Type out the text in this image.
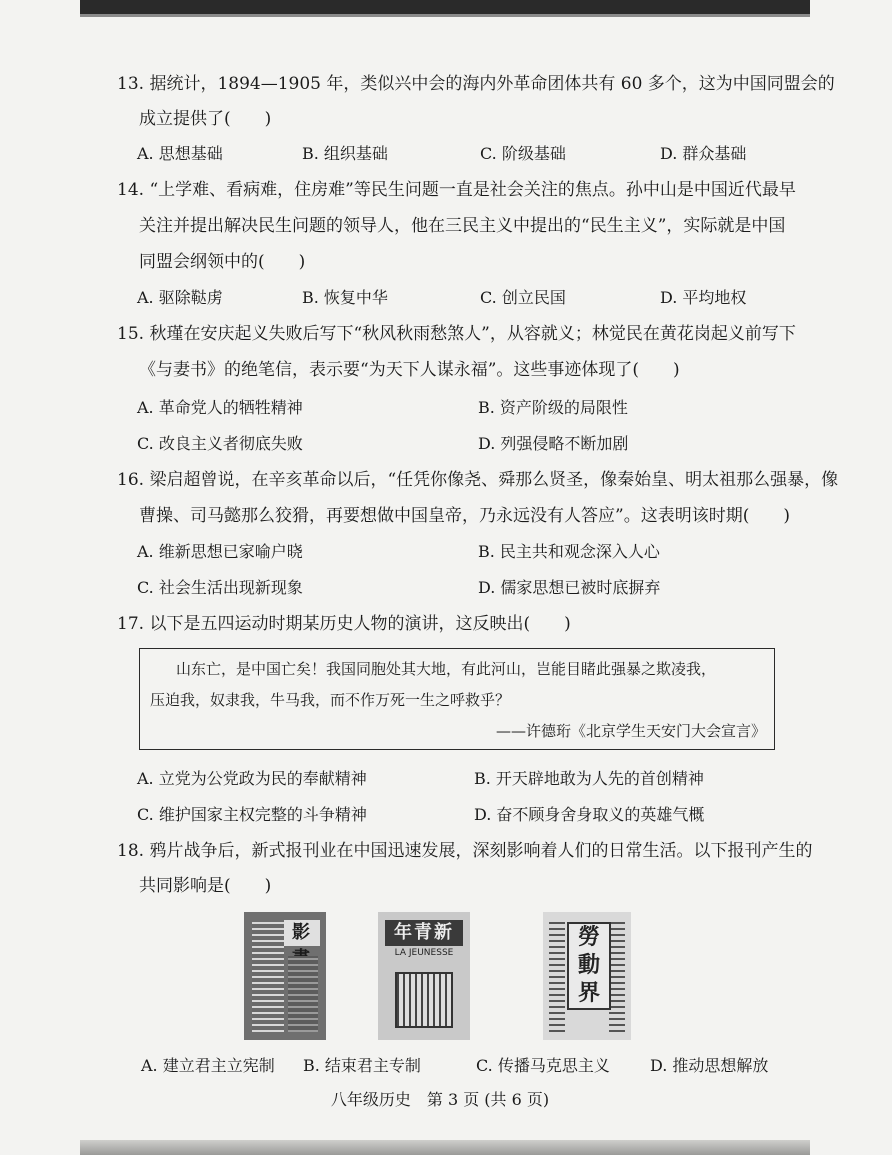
13. 据统计，1894—1905 年，类似兴中会的海内外革命团体共有 60 多个，这为中国同盟会的
成立提供了(　　)
A. 思想基础	B. 组织基础	C. 阶级基础	D. 群众基础
14. “上学难、看病难，住房难”等民生问题一直是社会关注的焦点。孙中山是中国近代最早
关注并提出解决民生问题的领导人，他在三民主义中提出的“民生主义”，实际就是中国
同盟会纲领中的(　　)
A. 驱除鞑虏	B. 恢复中华	C. 创立民国	D. 平均地权
15. 秋瑾在安庆起义失败后写下“秋风秋雨愁煞人”，从容就义；林觉民在黄花岗起义前写下
《与妻书》的绝笔信，表示要“为天下人谋永福”。这些事迹体现了(　　)
A. 革命党人的牺牲精神	B. 资产阶级的局限性
C. 改良主义者彻底失败	D. 列强侵略不断加剧
16. 梁启超曾说，在辛亥革命以后，“任凭你像尧、舜那么贤圣，像秦始皇、明太祖那么强暴，像
曹操、司马懿那么狡猾，再要想做中国皇帝，乃永远没有人答应”。这表明该时期(　　)
A. 维新思想已家喻户晓	B. 民主共和观念深入人心
C. 社会生活出现新现象	D. 儒家思想已被时底摒弃
17. 以下是五四运动时期某历史人物的演讲，这反映出(　　)
山东亡，是中国亡矣！我国同胞处其大地，有此河山，岂能目睹此强暴之欺凌我，
压迫我，奴隶我，牛马我，而不作万死一生之呼救乎？
——许德珩《北京学生天安门大会宣言》
A. 立党为公党政为民的奉献精神	B. 开天辟地敢为人先的首创精神
C. 维护国家主权完整的斗争精神	D. 奋不顾身舍身取义的英雄气概
18. 鸦片战争后，新式报刊业在中国迅速发展，深刻影响着人们的日常生活。以下报刊产生的
共同影响是(　　)
影	年青新
LA JEUNESSE
勞動界
A. 建立君主立宪制 B. 结束君主专制	C. 传播马克思主义	D. 推动思想解放
八年级历史　第 3 页 (共 6 页)
